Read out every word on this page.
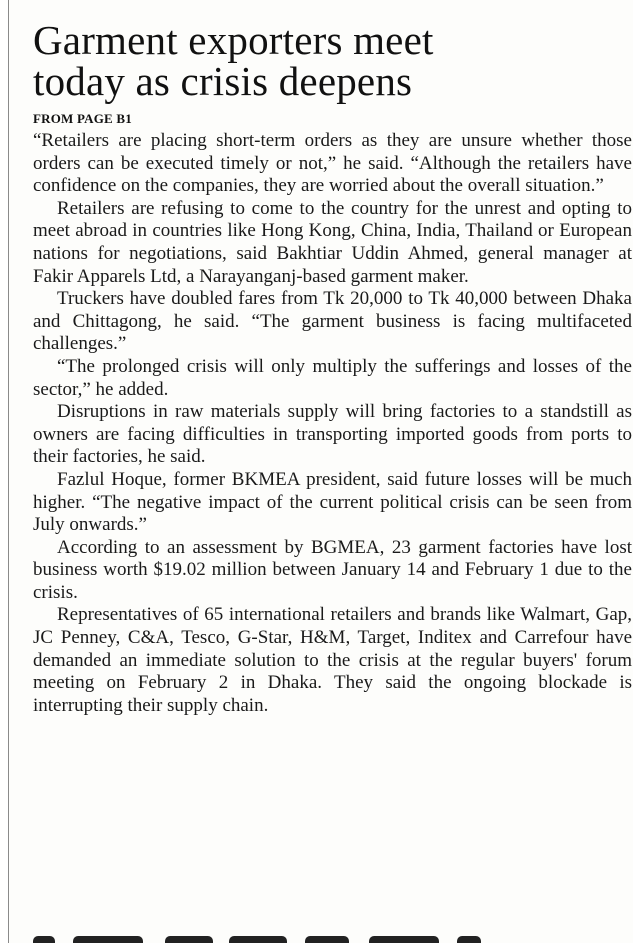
Garment exporters meet
today as crisis deepens
FROM PAGE B1

“Retailers are placing short-term orders as they are unsure whether those orders can be executed timely or not,” he said. “Although the retailers have confidence on the companies, they are worried about the overall situation.”

Retailers are refusing to come to the country for the unrest and opting to meet abroad in countries like Hong Kong, China, India, Thailand or European nations for negotiations, said Bakhtiar Uddin Ahmed, general manager at Fakir Apparels Ltd, a Narayanganj-based garment maker.

Truckers have doubled fares from Tk 20,000 to Tk 40,000 between Dhaka and Chittagong, he said. “The garment business is facing multifaceted challenges.”

“The prolonged crisis will only multiply the sufferings and losses of the sector,” he added.

Disruptions in raw materials supply will bring factories to a standstill as owners are facing difficulties in transporting imported goods from ports to their factories, he said.

Fazlul Hoque, former BKMEA president, said future losses will be much higher. “The negative impact of the current political crisis can be seen from July onwards.”

According to an assessment by BGMEA, 23 garment factories have lost business worth $19.02 million between January 14 and February 1 due to the crisis.

Representatives of 65 international retailers and brands like Walmart, Gap, JC Penney, C&A, Tesco, G-Star, H&M, Target, Inditex and Carrefour have demanded an immediate solution to the crisis at the regular buyers' forum meeting on February 2 in Dhaka. They said the ongoing blockade is interrupting their supply chain.
